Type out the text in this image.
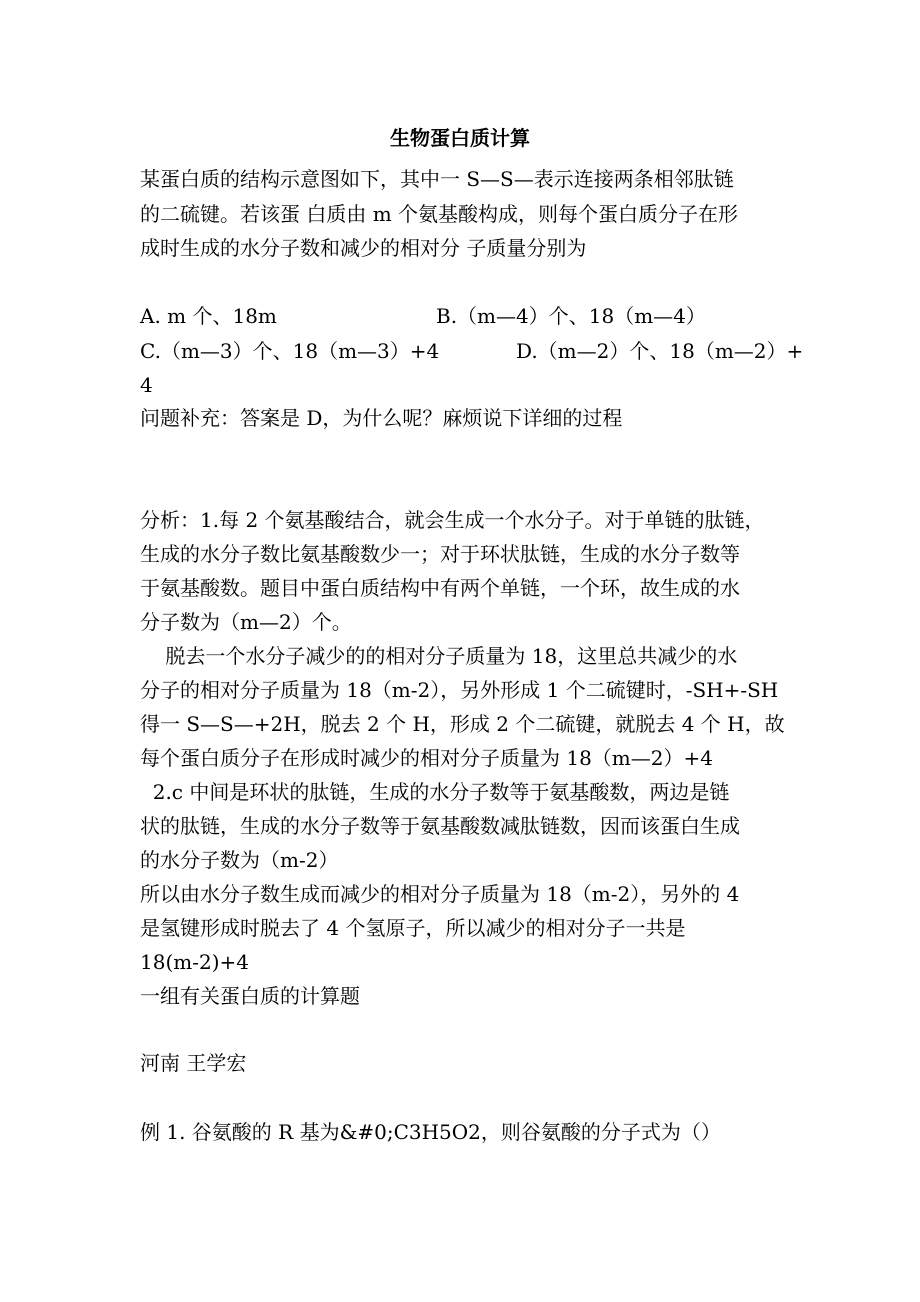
生物蛋白质计算
某蛋白质的结构示意图如下，其中一 S—S—表示连接两条相邻肽链
的二硫键。若该蛋 白质由 m 个氨基酸构成，则每个蛋白质分子在形
成时生成的水分子数和减少的相对分 子质量分别为
A. m 个、18m	B.（m—4）个、18（m—4）
C.（m—3）个、18（m—3）+4	D.（m—2）个、18（m—2）+
4
问题补充：答案是 D，为什么呢？麻烦说下详细的过程
分析：1.每 2 个氨基酸结合，就会生成一个水分子。对于单链的肽链，
生成的水分子数比氨基酸数少一；对于环状肽链，生成的水分子数等
于氨基酸数。题目中蛋白质结构中有两个单链，一个环，故生成的水
分子数为（m—2）个。
脱去一个水分子减少的的相对分子质量为 18，这里总共减少的水
分子的相对分子质量为 18（m-2），另外形成 1 个二硫键时，-SH+-SH
得一 S—S—+2H，脱去 2 个 H，形成 2 个二硫键，就脱去 4 个 H，故
每个蛋白质分子在形成时减少的相对分子质量为 18（m—2）+4
2.c 中间是环状的肽链，生成的水分子数等于氨基酸数，两边是链
状的肽链，生成的水分子数等于氨基酸数减肽链数，因而该蛋白生成
的水分子数为（m-2）
所以由水分子数生成而减少的相对分子质量为 18（m-2），另外的 4
是氢键形成时脱去了 4 个氢原子，所以减少的相对分子一共是
18(m-2)+4
一组有关蛋白质的计算题
河南 王学宏
例 1. 谷氨酸的 R 基为&#0;C3H5O2，则谷氨酸的分子式为（）
